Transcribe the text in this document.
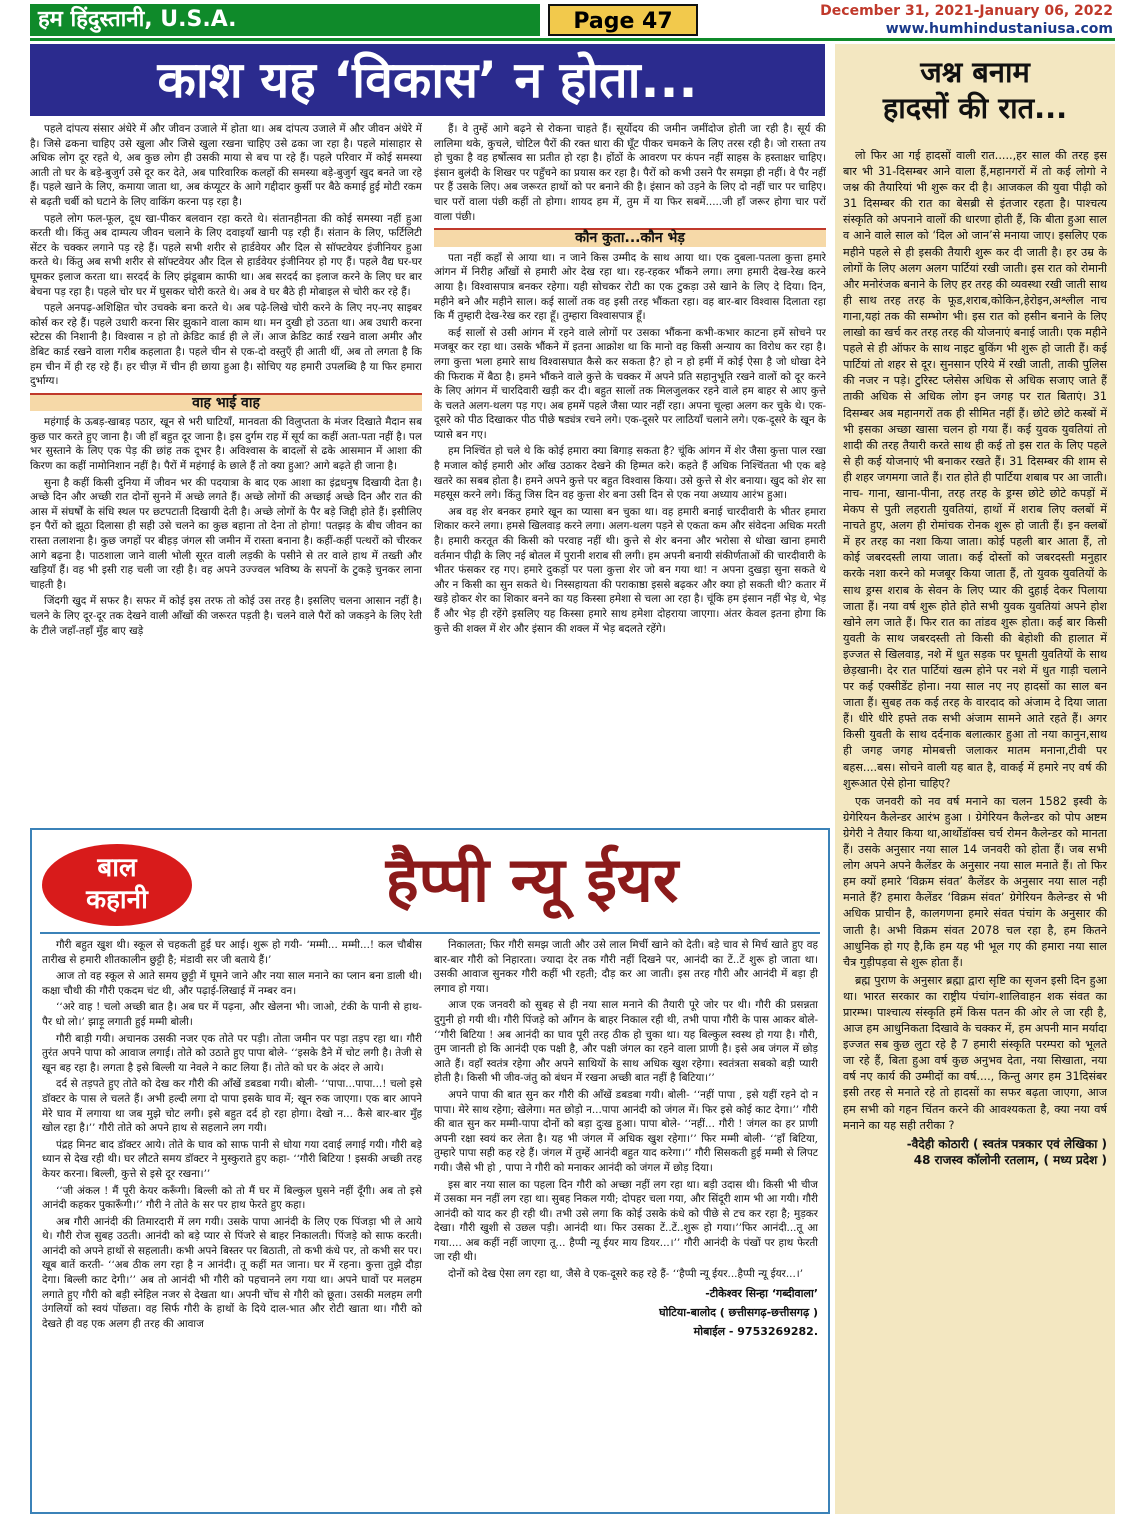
हम हिंदुस्तानी, U.S.A.	Page 47	December 31, 2021-January 06, 2022
www.humhindustaniusa.com
काश यह ‘विकास’ न होता...

पहले दांपत्य संसार अंधेरे में और जीवन उजाले में होता था। अब दांपत्य उजाले में और जीवन अंधेरे में है। जिसे ढकना चाहिए उसे खुला और जिसे खुला रखना चाहिए उसे ढका जा रहा है। पहले मांसाहार से अधिक लोग दूर रहते थे, अब कुछ लोग ही उसकी माया से बच पा रहे हैं। पहले परिवार में कोई समस्या आती तो घर के बड़े-बुजुर्ग उसे दूर कर देते, अब पारिवारिक कलहों की समस्या बड़े-बुजुर्ग खुद बनते जा रहे हैं। पहले खाने के लिए, कमाया जाता था, अब कंप्यूटर के आगे गद्दीदार कुर्सी पर बैठे कमाई हुई मोटी रकम से बढ़ती चर्बी को घटाने के लिए वाकिंग करना पड़ रहा है।

पहले लोग फल-फूल, दूध खा-पीकर बलवान रहा करते थे। संतानहीनता की कोई समस्या नहीं हुआ करती थी। किंतु अब दाम्पत्य जीवन चलाने के लिए दवाइयाँ खानी पड़ रही हैं। संतान के लिए, फर्टिलिटी सेंटर के चक्कर लगाने पड़ रहे हैं। पहले सभी शरीर से हार्डवेयर और दिल से सॉफ्टवेयर इंजीनियर हुआ करते थे। किंतु अब सभी शरीर से सॉफ्टवेयर और दिल से हार्डवेयर इंजीनियर हो गए हैं। पहले वैद्य घर-घर घूमकर इलाज करता था। सरदर्द के लिए झंडूबाम काफी था। अब सरदर्द का इलाज करने के लिए घर बार बेचना पड़ रहा है। पहले चोर घर में घुसकर चोरी करते थे। अब वे घर बैठे ही मोबाइल से चोरी कर रहे हैं।

पहले अनपढ़-अशिक्षित चोर उचक्के बना करते थे। अब पढ़े-लिखे चोरी करने के लिए नए-नए साइबर कोर्स कर रहे हैं। पहले उधारी करना सिर झुकाने वाला काम था। मन दुखी हो उठता था। अब उधारी करना स्टेटस की निशानी है। विश्वास न हो तो क्रेडिट कार्ड ही ले लें। आज क्रेडिट कार्ड रखने वाला अमीर और डेबिट कार्ड रखने वाला गरीब कहलाता है। पहले चीन से एक-दो वस्तुएँ ही आती थीं, अब तो लगता है कि हम चीन में ही रह रहे हैं। हर चीज़ में चीन ही छाया हुआ है। सोचिए यह हमारी उपलब्धि है या फिर हमारा दुर्भाग्य।

वाह भाई वाह

महंगाई के ऊबड़-खाबड़ पठार, खून से भरी घाटियाँ, मानवता की विलुप्तता के मंजर दिखाते मैदान सब कुछ पार करते हुए जाना है। जी हाँ बहुत दूर जाना है। इस दुर्गम राह में सूर्य का कहीं अता-पता नहीं है। पल भर सुस्ताने के लिए एक पेड़ की छांह तक दूभर है। अविश्वास के बादलों से ढके आसमान में आशा की किरण का कहीं नामोनिशान नहीं है। पैरों में महंगाई के छाले हैं तो क्या हुआ? आगे बढ़ते ही जाना है।

सुना है कहीं किसी दुनिया में जीवन भर की पदयात्रा के बाद एक आशा का इंद्रधनुष दिखायी देता है। अच्छे दिन और अच्छी रात दोनों सुनने में अच्छे लगते हैं। अच्छे लोगों की अच्छाई अच्छे दिन और रात की आस में संघर्षों के संधि स्थल पर छटपटाती दिखायी देती है। अच्छे लोगों के पैर बड़े जिद्दी होते हैं। इसीलिए इन पैरों को झूठा दिलासा ही सही उसे चलने का कुछ बहाना तो देना तो होगा! पतझड़ के बीच जीवन का रास्ता तलाशना है। कुछ जगहों पर बीहड़ जंगल सी जमीन में रास्ता बनाना है। कहीं-कहीं पत्थरों को चीरकर आगे बढ़ना है। पाठशाला जाने वाली भोली सूरत वाली लड़की के पसीने से तर वाले हाथ में तख्ती और खड़ियाँ हैं। वह भी इसी राह चली जा रही है। वह अपने उज्ज्वल भविष्य के सपनों के टुकड़े चुनकर लाना चाहती है।

जिंदगी खुद में सफर है। सफर में कोई इस तरफ तो कोई उस तरह है। इसलिए चलना आसान नहीं है। चलने के लिए दूर-दूर तक देखने वाली आँखों की जरूरत पड़ती है। चलने वाले पैरों को जकड़ने के लिए रेती के टीले जहाँ-तहाँ मुँह बाए खड़े

हैं। वे तुम्हें आगे बढ़ने से रोकना चाहते हैं। सूर्योदय की जमीन जमींदोज होती जा रही है। सूर्य की लालिमा थके, कुचले, चोटिल पैरों की रक्त धारा की घूँट पीकर चमकने के लिए तरस रही है। जो रास्ता तय हो चुका है वह हर्षोत्सव सा प्रतीत हो रहा है। होंठों के आवरण पर कंपन नहीं साहस के हस्ताक्षर चाहिए। इंसान बुलंदी के शिखर पर पहुँचने का प्रयास कर रहा है। पैरों को कभी उसने पैर समझा ही नहीं। वे पैर नहीं पर हैं उसके लिए। अब जरूरत हाथों को पर बनाने की है। इंसान को उड़ने के लिए दो नहीं चार पर चाहिए। चार परों वाला पंछी कहीं तो होगा। शायद हम में, तुम में या फिर सबमें.....जी हाँ जरूर होगा चार परों वाला पंछी।

कौन कुता...कौन भेड़

पता नहीं कहाँ से आया था। न जाने किस उम्मीद के साथ आया था। एक दुबला-पतला कुत्ता हमारे आंगन में निरीह आँखों से हमारी ओर देख रहा था। रह-रहकर भौंकने लगा। लगा हमारी देख-रेख करने आया है। विश्वासपात्र बनकर रहेगा। यही सोचकर रोटी का एक टुकड़ा उसे खाने के लिए दे दिया। दिन, महीने बने और महीने साल। कई सालों तक वह इसी तरह भौंकता रहा। वह बार-बार विश्वास दिलाता रहा कि मैं तुम्हारी देख-रेख कर रहा हूँ। तुम्हारा विश्वासपात्र हूँ।

कई सालों से उसी आंगन में रहने वाले लोगों पर उसका भौंकना कभी-कभार काटना हमें सोचने पर मजबूर कर रहा था। उसके भौंकने में इतना आक्रोश था कि मानो वह किसी अन्याय का विरोध कर रहा है। लगा कुत्ता भला हमारे साथ विश्वासघात कैसे कर सकता है? हो न हो हमीं में कोई ऐसा है जो धोखा देने की फिराक में बैठा है। हमने भौंकने वाले कुत्ते के चक्कर में अपने प्रति सहानुभूति रखने वालों को दूर करने के लिए आंगन में चारदिवारी खड़ी कर दी। बहुत सालों तक मिलजुलकर रहने वाले हम बाहर से आए कुत्ते के चलते अलग-थलग पड़ गए। अब हममें पहले जैसा प्यार नहीं रहा। अपना चूल्हा अलग कर चुके थे। एक-दूसरे को पीठ दिखाकर पीठ पीछे षड्यंत्र रचने लगे। एक-दूसरे पर लाठियाँ चलाने लगे। एक-दूसरे के खून के प्यासे बन गए।

हम निश्चिंत हो चले थे कि कोई हमारा क्या बिगाड़ सकता है? चूंकि आंगन में शेर जैसा कुत्ता पाल रखा है मजाल कोई हमारी ओर आँख उठाकर देखने की हिम्मत करे। कहते हैं अधिक निश्चिंतता भी एक बड़े खतरे का सबब होता है। हमने अपने कुत्ते पर बहुत विश्वास किया। उसे कुत्ते से शेर बनाया। खुद को शेर सा महसूस करने लगे। किंतु जिस दिन वह कुत्ता शेर बना उसी दिन से एक नया अध्याय आरंभ हुआ।

अब वह शेर बनकर हमारे खून का प्यासा बन चुका था। वह हमारी बनाई चारदीवारी के भीतर हमारा शिकार करने लगा। हमसे खिलवाड़ करने लगा। अलग-थलग पड़ने से एकता कम और संवेदना अधिक मरती है। हमारी करतूत की किसी को परवाह नहीं थी। कुत्ते से शेर बनना और भरोसा से धोखा खाना हमारी वर्तमान पीढ़ी के लिए नई बोतल में पुरानी शराब सी लगी। हम अपनी बनायी संकीर्णताओं की चारदीवारी के भीतर फंसकर रह गए। हमारे दुकड़ों पर पला कुत्ता शेर जो बन गया था! न अपना दुखड़ा सुना सकते थे और न किसी का सुन सकते थे। निस्सहायता की पराकाष्ठा इससे बढ़कर और क्या हो सकती थी? कतार में खड़े होकर शेर का शिकार बनने का यह किस्सा हमेशा से चला आ रहा है। चूंकि हम इंसान नहीं भेड़ थे, भेड़ हैं और भेड़ ही रहेंगे इसलिए यह किस्सा हमारे साथ हमेशा दोहराया जाएगा। अंतर केवल इतना होगा कि कुत्ते की शक्ल में शेर और इंसान की शक्ल में भेड़ बदलते रहेंगे।

जश्न बनाम
हादसों की रात...

लो फिर आ गई हादसों वाली रात.....,हर साल की तरह इस बार भी 31-दिसम्बर आने वाला हैं,महानगरों में तो कई लोगो ने जश्न की तैयारियां भी शुरू कर दी है। आजकल की युवा पीढ़ी को 31 दिसम्बर की रात का बेसब्री से इंतजार रहता है। पाश्चत्य संस्कृति को अपनाने वालों की धारणा होती हैं, कि बीता हुआ साल व आने वाले साल को ‘दिल ओ जान’से मनाया जाए। इसलिए एक महीने पहले से ही इसकी तैयारी शुरू कर दी जाती है। हर उम्र के लोगों के लिए अलग अलग पार्टियां रखी जाती। इस रात को रोमानी और मनोरंजक बनाने के लिए हर तरह की व्यवस्था रखी जाती साथ ही साथ तरह तरह के फूड,शराब,कोकिन,हेरोइन,अश्लील नाच गाना,यहां तक की सम्भोग भी। इस रात को हसीन बनाने के लिए लाखो का खर्च कर तरह तरह की योजनाएं बनाई जाती। एक महीने पहले से ही ऑफर के साथ नाइट बुकिंग भी शुरू हो जाती हैं। कई पार्टियां तो शहर से दूर। सुनसान एरिये में रखी जाती, ताकी पुलिस की नजर न पड़े। टुरिस्ट प्लेसेस अधिक से अधिक सजाए जाते हैं ताकी अधिक से अधिक लोग इन जगह पर रात बिताएं। 31 दिसम्बर अब महानगरों तक ही सीमित नहीं हैं। छोटे छोटे कस्बों में भी इसका अच्छा खासा चलन हो गया हैं। कई युवक युवतियां तो शादी की तरह तैयारी करते साथ ही कई तो इस रात के लिए पहले से ही कई योजनाएं भी बनाकर रखते हैं। 31 दिसम्बर की शाम से ही शहर जगमगा जाते हैं। रात होते ही पार्टिया शबाब पर आ जाती। नाच- गाना, खाना-पीना, तरह तरह के ड्रग्स छोटे छोटे कपड़ों में मेकप से पुती लहराती युवतियां, हाथों में शराब लिए क्लबों में नाचते हुए, अलग ही रोमांचक रोनक शुरू हो जाती हैं। इन क्लबों में हर तरह का नशा किया जाता। कोई पहली बार आता हैं, तो कोई जबरदस्ती लाया जाता। कई दोस्तों को जबरदस्ती मनुहार करके नशा करने को मजबूर किया जाता हैं, तो युवक युवतियों के साथ ड्रग्स शराब के सेवन के लिए प्यार की दुहाई देकर पिलाया जाता हैं। नया वर्ष शुरू होते होते सभी युवक युवतियां अपने होश खोने लग जाते हैं। फिर रात का तांडव शुरू होता। कई बार किसी युवती के साथ जबरदस्ती तो किसी की बेहोशी की हालात में इज्जत से खिलवाड़, नशे में धुत सड़क पर घूमती युवतियों के साथ छेड़खानी। देर रात पार्टियां खत्म होने पर नशे में धुत गाड़ी चलाने पर कई एक्सीडेंट होना। नया साल नए नए हादसों का साल बन जाता हैं। सुबह तक कई तरह के वारदाद को अंजाम दे दिया जाता हैं। धीरे धीरे हफ्ते तक सभी अंजाम सामने आते रहते हैं। अगर किसी युवती के साथ दर्दनाक बलात्कार हुआ तो नया कानुन,साथ ही जगह जगह मोमबत्ती जलाकर मातम मनाना,टीवी पर बहस....बस। सोचने वाली यह बात है, वाकई में हमारे नए वर्ष की शुरूआत ऐसे होना चाहिए?

एक जनवरी को नव वर्ष मनाने का चलन 1582 इस्वी के ग्रेगेरियन कैलेन्डर आरंभ हुआ । ग्रेगेरियन कैलेन्डर को पोप अष्टम ग्रेगेरी ने तैयार किया था,आर्थोडॉक्स चर्च रोमन कैलेन्डर को मानता हैं। उसके अनुसार नया साल 14 जनवरी को होता हैं। जब सभी लोग अपने अपने कैलेंडर के अनुसार नया साल मनाते हैं। तो फिर हम क्यों हमारे ‘विक्रम संवत’ कैलेंडर के अनुसार नया साल नही मनाते हैं? हमारा कैलेंडर ‘विक्रम संवत’ ग्रेगेरियन कैलेन्डर से भी अधिक प्राचीन है, कालगणना हमारे संवत पंचांग के अनुसार की जाती है। अभी विक्रम संवत 2078 चल रहा है, हम कितने आधुनिक हो गए है,कि हम यह भी भूल गए की हमारा नया साल चैत्र गुड़ीपड़वा से शुरू होता हैं।

ब्रह्म पुराण के अनुसार ब्रह्मा द्वारा सृष्टि का सृजन इसी दिन हुआ था। भारत सरकार का राष्ट्रीय पंचांग-शालिवाहन शक संवत का प्रारम्भ। पाश्चात्य संस्कृति हमें किस पतन की ओर ले जा रही है, आज हम आधुनिकता दिखावे के चक्कर में, हम अपनी मान मर्यादा इज्जत सब कुछ लुटा रहे है 7 हमारी संस्कृति परम्परा को भूलते जा रहे हैं, बिता हुआ वर्ष कुछ अनुभव देता, नया सिखाता, नया वर्ष नए कार्य की उम्मीदों का वर्ष...., किन्तु अगर हम 31दिसंबर इसी तरह से मनाते रहे तो हादसों का सफर बढ़ता जाएगा, आज हम सभी को गहन चिंतन करने की आवश्यकता है, क्या नया वर्ष मनाने का यह सही तरीका ?

-वैदेही कोठारी ( स्वतंत्र पत्रकार एवं लेखिका )
48 राजस्व कॉलोनी रतलाम, ( मध्य प्रदेश )
बाल
कहानी	हैप्पी न्यू ईयर

गौरी बहुत खुश थी। स्कूल से चहकती हुई घर आई। शुरू हो गयी- ‘मम्मी... मम्मी...! कल चौबीस तारीख से हमारी शीतकालीन छुट्टी है; मंडावी सर जी बताये हैं।’

आज तो वह स्कूल से आते समय छुट्टी में घूमने जाने और नया साल मनाने का प्लान बना डाली थी। कक्षा चौथी की गौरी एकदम चंट थी, और पढ़ाई-लिखाई में नम्बर वन।

‘‘अरे वाह ! चलो अच्छी बात है। अब घर में पढ़ना, और खेलना भी। जाओ, टंकी के पानी से हाथ-पैर धो लो।’ झाड़ू लगाती हुई मम्मी बोली।

गौरी बाड़ी गयी। अचानक उसकी नजर एक तोते पर पड़ी। तोता जमीन पर पड़ा तड़प रहा था। गौरी तुरंत अपने पापा को आवाज लगाई। तोते को उठाते हुए पापा बोले- ‘‘इसके डैने में चोट लगी है। तेजी से खून बह रहा है। लगता है इसे बिल्ली या नेवले ने काट लिया हैं। तोते को घर के अंदर ले आये।

दर्द से तड़पते हुए तोते को देख कर गौरी की आँखें डबडबा गयी। बोली- ‘‘पापा...पापा...! चलो इसे डॉक्टर के पास ले चलते हैं। अभी हल्दी लगा दो पापा इसके घाव में; खून रुक जाएगा। एक बार आपने मेरे घाव में लगाया था जब मुझे चोट लगी। इसे बहुत दर्द हो रहा होगा। देखो न... कैसे बार-बार मुँह खोल रहा है।’’ गौरी तोते को अपने हाथ से सहलाने लग गयी।

पंद्रह मिनट बाद डॉक्टर आये। तोते के घाव को साफ पानी से धोया गया दवाई लगाई गयी। गौरी बड़े ध्यान से देख रही थी। घर लौटते समय डॉक्टर ने मुस्कुराते हुए कहा- ‘‘गौरी बिटिया ! इसकी अच्छी तरह केयर करना। बिल्ली, कुत्ते से इसे दूर रखना।’’

‘‘जी अंकल ! मैं पूरी केयर करूँगी। बिल्ली को तो मैं घर में बिल्कुल घुसने नहीं दूँगी। अब तो इसे आनंदी कहकर पुकारूँगी।’’ गौरी ने तोते के सर पर हाथ फेरते हुए कहा।

अब गौरी आनंदी की तिमारदारी में लग गयी। उसके पापा आनंदी के लिए एक पिंजड़ा भी ले आये थे। गौरी रोज सुबह उठती। आनंदी को बड़े प्यार से पिंजरे से बाहर निकालती। पिंजड़े को साफ करती। आनंदी को अपने हाथों से सहलाती। कभी अपने बिस्तर पर बिठाती, तो कभी कंधे पर, तो कभी सर पर। खूब बातें करती- ‘‘अब ठीक लग रहा है न आनंदी। तू कहीं मत जाना। घर में रहना। कुत्ता तुझे दौड़ा देगा। बिल्ली काट देगी।’’ अब तो आनंदी भी गौरी को पहचानने लग गया था। अपने घावों पर मलहम लगाते हुए गौरी को बड़ी स्नेहिल नजर से देखता था। अपनी चोंच से गौरी को छूता। उसकी मलहम लगी उंगलियों को स्वयं पोंछता। वह सिर्फ गौरी के हाथों के दिये दाल-भात और रोटी खाता था। गौरी को देखते ही वह एक अलग ही तरह की आवाज

निकालता; फिर गौरी समझ जाती और उसे लाल मिर्ची खाने को देती। बड़े चाव से मिर्च खाते हुए वह बार-बार गौरी को निहारता। ज्यादा देर तक गौरी नहीं दिखने पर, आनंदी का टें..टें शुरू हो जाता था। उसकी आवाज सुनकर गौरी कहीं भी रहती; दौड़ कर आ जाती। इस तरह गौरी और आनंदी में बड़ा ही लगाव हो गया।

आज एक जनवरी को सुबह से ही नया साल मनाने की तैयारी पूरे जोर पर थी। गौरी की प्रसन्नता दुगुनी हो गयी थी। गौरी पिंजड़े को आँगन के बाहर निकाल रही थी, तभी पापा गौरी के पास आकर बोले- ‘‘गौरी बिटिया ! अब आनंदी का घाव पूरी तरह ठीक हो चुका था। यह बिल्कुल स्वस्थ हो गया है। गौरी, तुम जानती हो कि आनंदी एक पक्षी है, और पक्षी जंगल का रहने वाला प्राणी है। इसे अब जंगल में छोड़ आते हैं। वहाँ स्वतंत्र रहेगा और अपने साथियों के साथ अधिक खुश रहेगा। स्वतंत्रता सबको बड़ी प्यारी होती है। किसी भी जीव-जंतु को बंधन में रखना अच्छी बात नहीं है बिटिया।’’

अपने पापा की बात सुन कर गौरी की आँखें डबडबा गयी। बोली- ‘‘नहीं पापा , इसे यहीं रहने दो न पापा। मेरे साथ रहेगा; खेलेगा। मत छोड़ो न...पापा आनंदी को जंगल में। फिर इसे कोई काट देगा।’’ गौरी की बात सुन कर मम्मी-पापा दोनों को बड़ा दुःख हुआ। पापा बोले- ‘‘नहीं... गौरी ! जंगल का हर प्राणी अपनी रक्षा स्वयं कर लेता है। यह भी जंगल में अधिक खुश रहेगा।’’ फिर मम्मी बोली- ‘‘हाँ बिटिया, तुम्हारे पापा सही कह रहे हैं। जंगल में तुम्हें आनंदी बहुत याद करेगा।’’ गौरी सिसकती हुई मम्मी से लिपट गयी। जैसे भी हो , पापा ने गौरी को मनाकर आनंदी को जंगल में छोड़ दिया।

इस बार नया साल का पहला दिन गौरी को अच्छा नहीं लग रहा था। बड़ी उदास थी। किसी भी चीज में उसका मन नहीं लग रहा था। सुबह निकल गयी; दोपहर चला गया, और सिंदूरी शाम भी आ गयी। गौरी आनंदी को याद कर ही रही थी। तभी उसे लगा कि कोई उसके कंधे को पीछे से टच कर रहा है; मुड़कर देखा। गौरी खुशी से उछल पड़ी। आनंदी था। फिर उसका टें..टें..शुरू हो गया।’’फिर आनंदी...तू आ गया.... अब कहीं नहीं जाएगा तू... हैप्पी न्यू ईयर माय डियर...।’’ गौरी आनंदी के पंखों पर हाथ फेरती जा रही थी।

दोनों को देख ऐसा लग रहा था, जैसे वे एक-दूसरे कह रहे हैं- ‘‘हैप्पी न्यू ईयर...हैप्पी न्यू ईयर...।’

-टीकेश्वर सिन्हा ‘गब्दीवाला’
घोटिया-बालोद ( छत्तीसगढ़-छत्तीसगढ़ )
मोबाईल - 9753269282.
